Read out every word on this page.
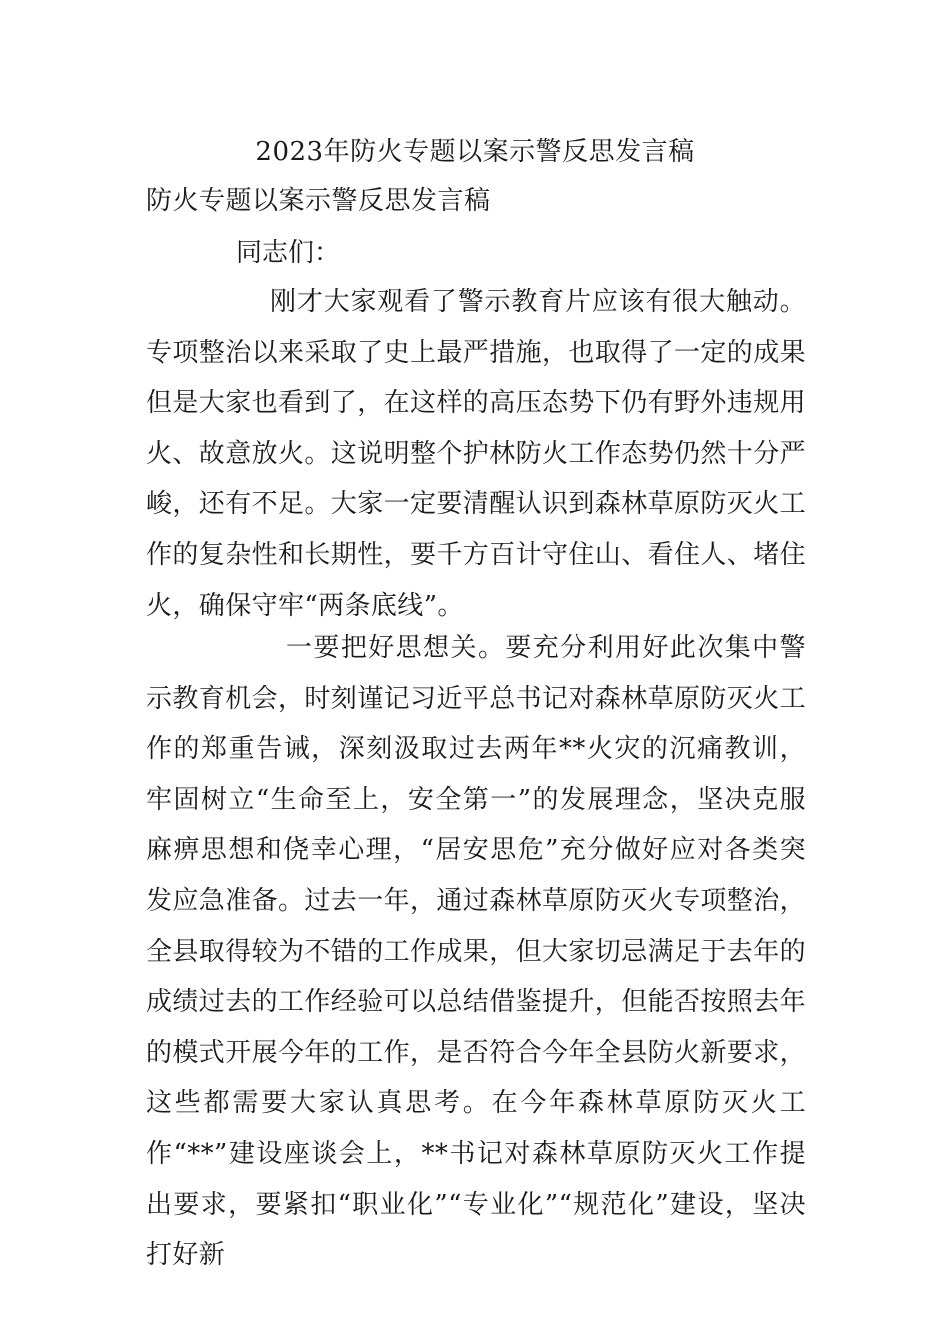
2023年防火专题以案示警反思发言稿
防火专题以案示警反思发言稿
同志们：

刚才大家观看了警示教育片应该有很大触动。专项整治以来采取了史上最严措施，也取得了一定的成果但是大家也看到了，在这样的高压态势下仍有野外违规用火、故意放火。这说明整个护林防火工作态势仍然十分严峻，还有不足。大家一定要清醒认识到森林草原防灭火工作的复杂性和长期性，要千方百计守住山、看住人、堵住火，确保守牢“两条底线”。

一要把好思想关。要充分利用好此次集中警示教育机会，时刻谨记习近平总书记对森林草原防灭火工作的郑重告诫，深刻汲取过去两年**火灾的沉痛教训，牢固树立“生命至上，安全第一”的发展理念，坚决克服麻痹思想和侥幸心理，“居安思危”充分做好应对各类突发应急准备。过去一年，通过森林草原防灭火专项整治，全县取得较为不错的工作成果，但大家切忌满足于去年的成绩过去的工作经验可以总结借鉴提升，但能否按照去年的模式开展今年的工作，是否符合今年全县防火新要求，这些都需要大家认真思考。在今年森林草原防灭火工作“**”建设座谈会上，**书记对森林草原防灭火工作提出要求，要紧扣“职业化”“专业化”“规范化”建设，坚决打好新
